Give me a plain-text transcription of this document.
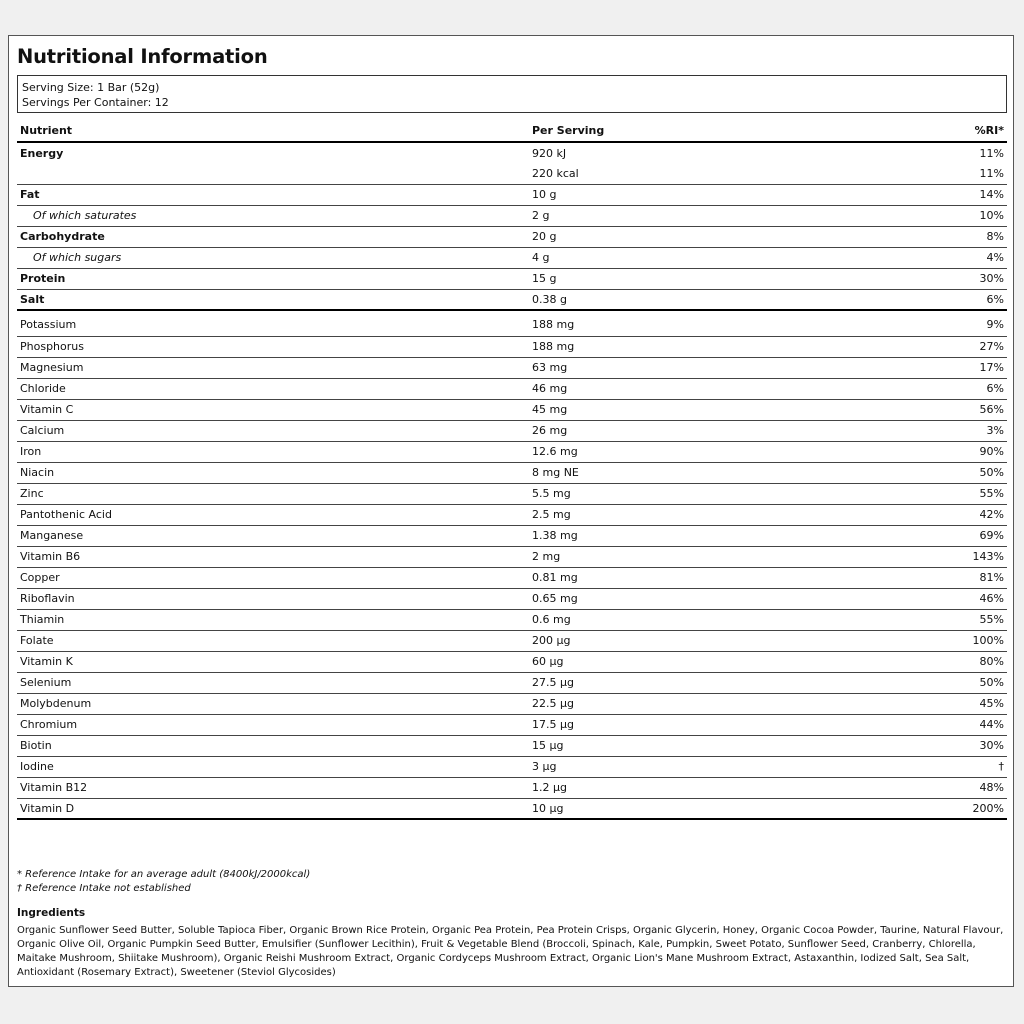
Nutritional Information
Serving Size: 1 Bar (52g)
Servings Per Container: 12
Nutrient	Per Serving	%RI*
Energy	920 kJ	11%
	220 kcal	11%
Fat	10 g	14%
Of which saturates	2 g	10%
Carbohydrate	20 g	8%
Of which sugars	4 g	4%
Protein	15 g	30%
Salt	0.38 g	6%
Potassium	188 mg	9%
Phosphorus	188 mg	27%
Magnesium	63 mg	17%
Chloride	46 mg	6%
Vitamin C	45 mg	56%
Calcium	26 mg	3%
Iron	12.6 mg	90%
Niacin	8 mg NE	50%
Zinc	5.5 mg	55%
Pantothenic Acid	2.5 mg	42%
Manganese	1.38 mg	69%
Vitamin B6	2 mg	143%
Copper	0.81 mg	81%
Riboflavin	0.65 mg	46%
Thiamin	0.6 mg	55%
Folate	200 µg	100%
Vitamin K	60 µg	80%
Selenium	27.5 µg	50%
Molybdenum	22.5 µg	45%
Chromium	17.5 µg	44%
Biotin	15 µg	30%
Iodine	3 µg	†
Vitamin B12	1.2 µg	48%
Vitamin D	10 µg	200%
* Reference Intake for an average adult (8400kJ/2000kcal)
† Reference Intake not established
Ingredients
Organic Sunflower Seed Butter, Soluble Tapioca Fiber, Organic Brown Rice Protein, Organic Pea Protein, Pea Protein Crisps, Organic Glycerin, Honey, Organic Cocoa Powder, Taurine, Natural Flavour, Organic Olive Oil, Organic Pumpkin Seed Butter, Emulsifier (Sunflower Lecithin), Fruit & Vegetable Blend (Broccoli, Spinach, Kale, Pumpkin, Sweet Potato, Sunflower Seed, Cranberry, Chlorella, Maitake Mushroom, Shiitake Mushroom), Organic Reishi Mushroom Extract, Organic Cordyceps Mushroom Extract, Organic Lion's Mane Mushroom Extract, Astaxanthin, Iodized Salt, Sea Salt, Antioxidant (Rosemary Extract), Sweetener (Steviol Glycosides)
